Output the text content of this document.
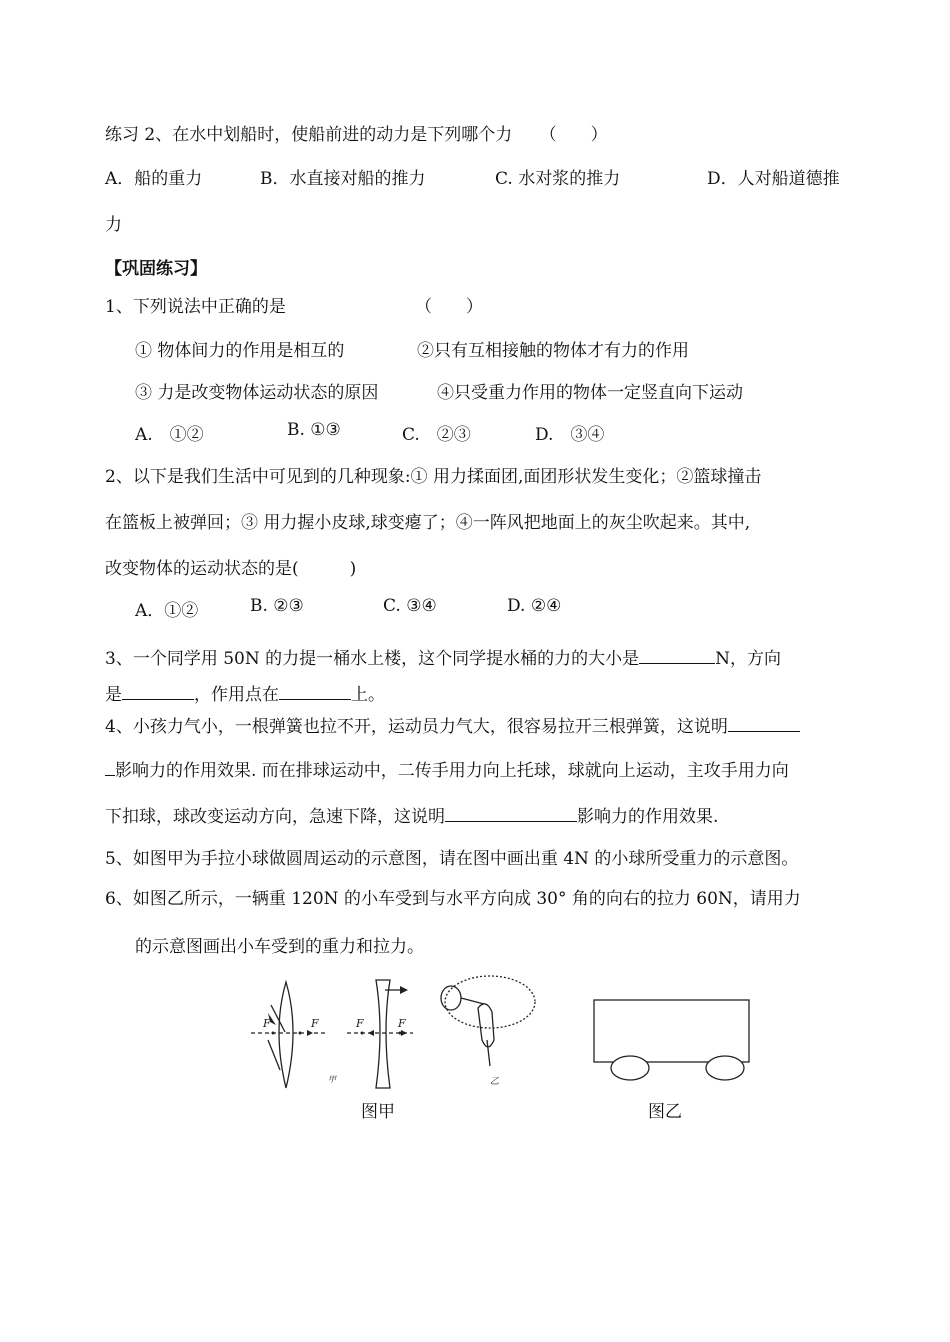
练习 2、在水中划船时，使船前进的动力是下列哪个力 （　　）
A．船的重力	B．水直接对船的推力	C. 水对浆的推力	D．人对船道德推
力
【巩固练习】
1、下列说法中正确的是	（　　）
① 物体间力的作用是相互的	②只有互相接触的物体才有力的作用
③ 力是改变物体运动状态的原因	④只受重力作用的物体一定竖直向下运动
A.　①②	B. ①③	C.　②③	D.　③④
2、以下是我们生活中可见到的几种现象:① 用力揉面团,面团形状发生变化；②篮球撞击
在篮板上被弹回；③ 用力握小皮球,球变瘪了；④一阵风把地面上的灰尘吹起来。其中,
改变物体的运动状态的是(　　　)
A．①②	B. ②③	C. ③④	D. ②④
3、一个同学用 50N 的力提一桶水上楼，这个同学提水桶的力的大小是	N，方向
是	，作用点在	上。
4、小孩力气小，一根弹簧也拉不开，运动员力气大，很容易拉开三根弹簧，这说明
影响力的作用效果. 而在排球运动中，二传手用力向上托球，球就向上运动，主攻手用力向
下扣球，球改变运动方向，急速下降，这说明	影响力的作用效果.
5、如图甲为手拉小球做圆周运动的示意图，请在图中画出重 4N 的小球所受重力的示意图。
6、如图乙所示，一辆重 120N 的小车受到与水平方向成 30° 角的向右的拉力 60N，请用力
的示意图画出小车受到的重力和拉力。
F	F	F	F
甲	乙
图甲	图乙
